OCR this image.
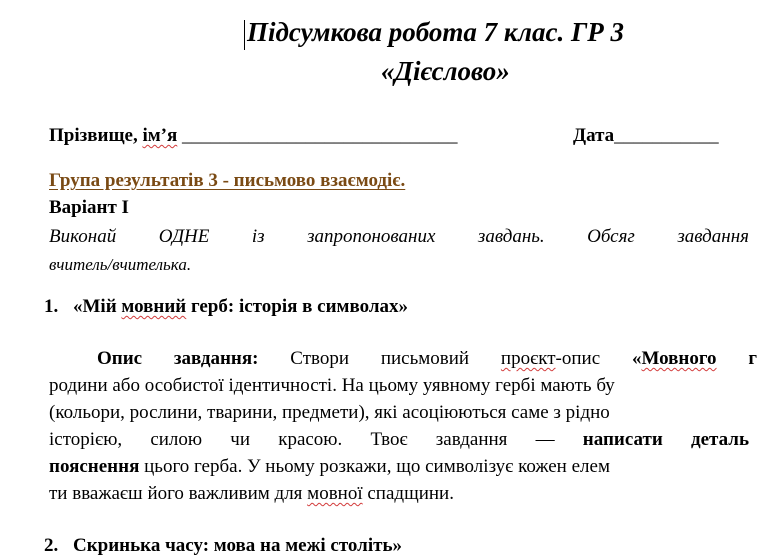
Підсумкова робота 7 клас. ГР 3
«Дієслово»
Прізвище, ім’я _____________________________	Дата___________
Група результатів 3 - письмово взаємодіє.
Варіант І
Виконай ОДНЕ із запропонованих завдань. Обсяг завдання
вчитель/вчителька.
1. «Мій мовний герб: історія в символах»
Опис завдання: Створи письмовий проєкт-опис «Мовного г
родини або особистої ідентичності. На цьому уявному гербі мають бу
(кольори, рослини, тварини, предмети), які асоціюються саме з рідно
історією, силою чи красою. Твоє завдання — написати деталь
пояснення цього герба. У ньому розкажи, що символізує кожен елем
ти вважаєш його важливим для мовної спадщини.
2. Скринька часу: мова на межі століть»
